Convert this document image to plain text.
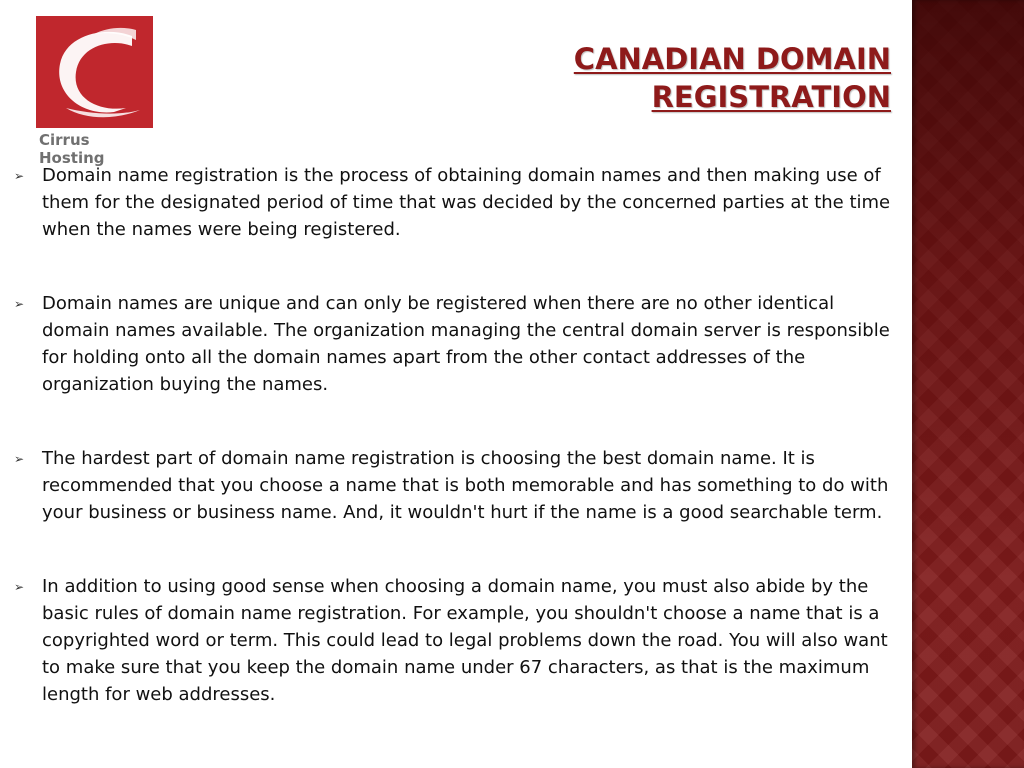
Cirrus Hosting
CANADIAN DOMAIN
REGISTRATION
➢ Domain name registration is the process of obtaining domain names and then making use of them for the designated period of time that was decided by the concerned parties at the time when the names were being registered.
➢ Domain names are unique and can only be registered when there are no other identical domain names available. The organization managing the central domain server is responsible for holding onto all the domain names apart from the other contact addresses of the organization buying the names.
➢ The hardest part of domain name registration is choosing the best domain name. It is recommended that you choose a name that is both memorable and has something to do with your business or business name. And, it wouldn't hurt if the name is a good searchable term.
➢ In addition to using good sense when choosing a domain name, you must also abide by the basic rules of domain name registration. For example, you shouldn't choose a name that is a copyrighted word or term. This could lead to legal problems down the road. You will also want to make sure that you keep the domain name under 67 characters, as that is the maximum length for web addresses.
